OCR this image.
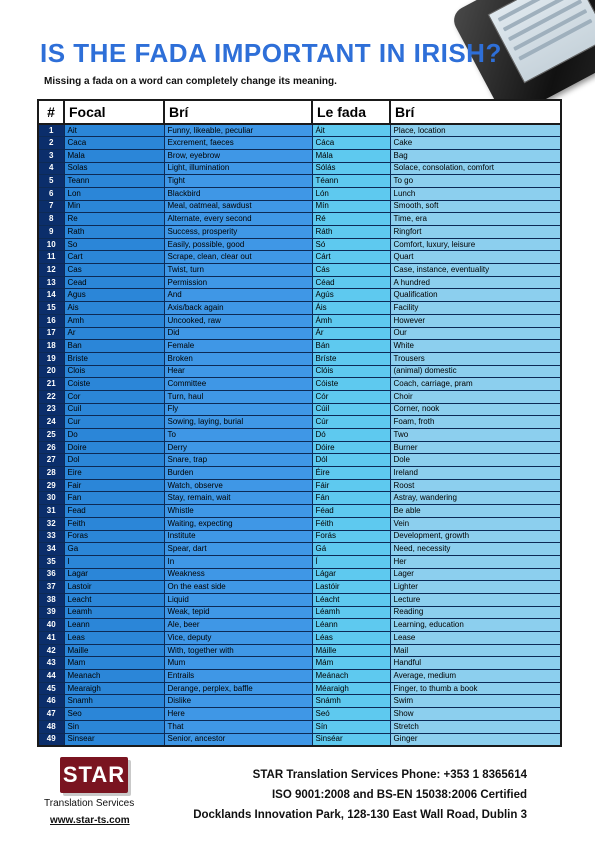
IS THE FADA IMPORTANT IN IRISH?
Missing a fada on a word can completely change its meaning.
#	Focal	Brí	Le fada	Brí
1	Ait	Funny, likeable, peculiar	Áit	Place, location
2	Caca	Excrement, faeces	Cáca	Cake
3	Mala	Brow, eyebrow	Mála	Bag
4	Solas	Light, illumination	Sólás	Solace, consolation, comfort
5	Teann	Tight	Téann	To go
6	Lon	Blackbird	Lón	Lunch
7	Min	Meal, oatmeal, sawdust	Mín	Smooth, soft
8	Re	Alternate, every second	Ré	Time, era
9	Rath	Success, prosperity	Ráth	Ringfort
10	So	Easily, possible, good	Só	Comfort, luxury, leisure
11	Cart	Scrape, clean, clear out	Cárt	Quart
12	Cas	Twist, turn	Cás	Case, instance, eventuality
13	Cead	Permission	Céad	A hundred
14	Agus	And	Agús	Qualification
15	Ais	Axis/back again	Áis	Facility
16	Amh	Uncooked, raw	Ámh	However
17	Ar	Did	Ár	Our
18	Ban	Female	Bán	White
19	Briste	Broken	Bríste	Trousers
20	Clois	Hear	Clóis	(animal) domestic
21	Coiste	Committee	Cóiste	Coach, carriage, pram
22	Cor	Turn, haul	Cór	Choir
23	Cuil	Fly	Cúil	Corner, nook
24	Cur	Sowing, laying, burial	Cúr	Foam, froth
25	Do	To	Dó	Two
26	Doire	Derry	Dóire	Burner
27	Dol	Snare, trap	Dól	Dole
28	Eire	Burden	Éire	Ireland
29	Fair	Watch, observe	Fáir	Roost
30	Fan	Stay, remain, wait	Fán	Astray, wandering
31	Fead	Whistle	Féad	Be able
32	Feith	Waiting, expecting	Féith	Vein
33	Foras	Institute	Forás	Development, growth
34	Ga	Spear, dart	Gá	Need, necessity
35	I	In	Í	Her
36	Lagar	Weakness	Lágar	Lager
37	Lastoir	On the east side	Lastóir	Lighter
38	Leacht	Liquid	Léacht	Lecture
39	Leamh	Weak, tepid	Léamh	Reading
40	Leann	Ale, beer	Léann	Learning, education
41	Leas	Vice, deputy	Léas	Lease
42	Maille	With, together with	Máille	Mail
43	Mam	Mum	Mám	Handful
44	Meanach	Entrails	Meánach	Average, medium
45	Mearaigh	Derange, perplex, baffle	Méaraigh	Finger, to thumb a book
46	Snamh	Dislike	Snámh	Swim
47	Seo	Here	Seó	Show
48	Sin	That	Sín	Stretch
49	Sinsear	Senior, ancestor	Sinséar	Ginger
STAR
Translation Services
www.star-ts.com
STAR Translation Services Phone: +353 1 8365614
ISO 9001:2008 and BS-EN 15038:2006 Certified
Docklands Innovation Park, 128-130 East Wall Road, Dublin 3
